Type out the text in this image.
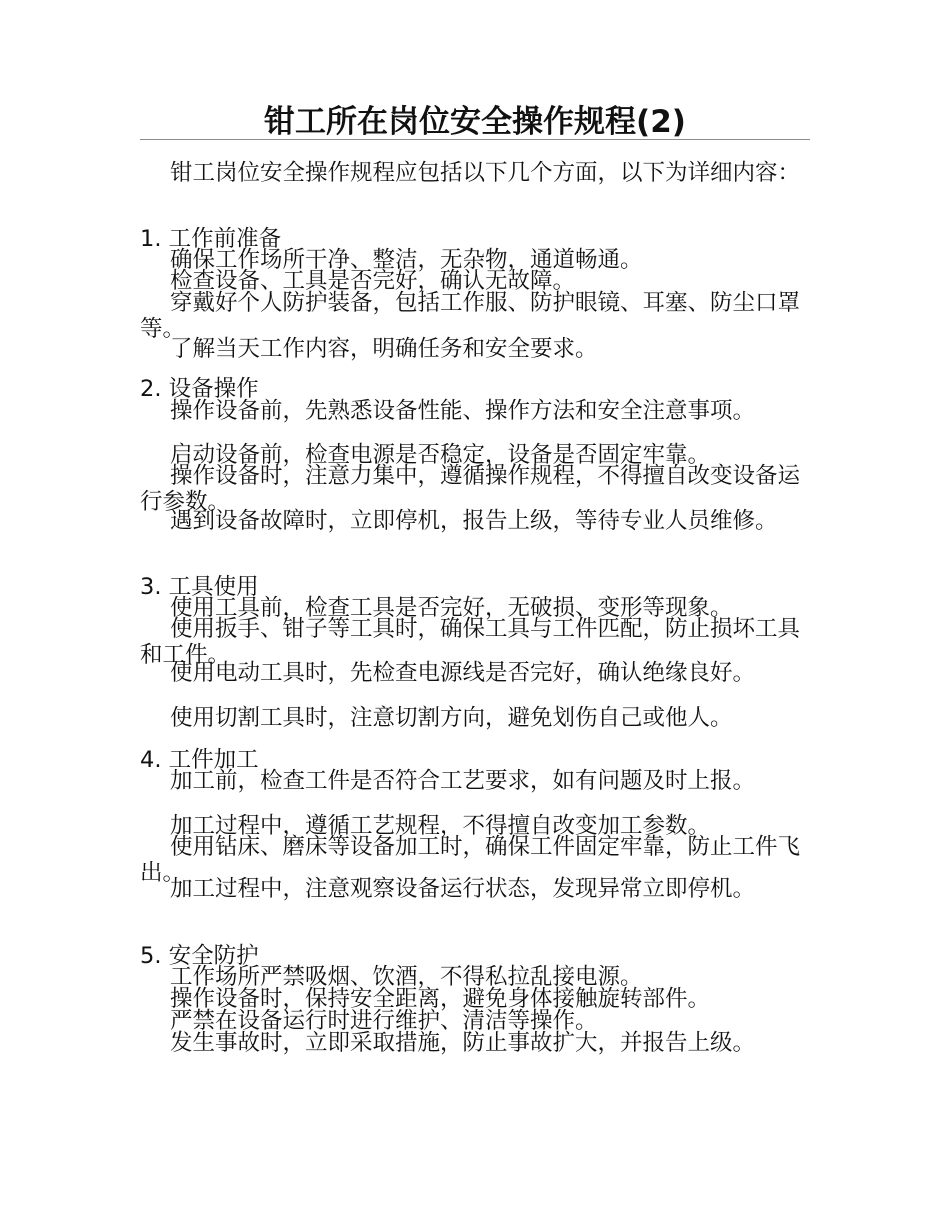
钳工所在岗位安全操作规程(2)

钳工岗位安全操作规程应包括以下几个方面，以下为详细内容：

1. 工作前准备

确保工作场所干净、整洁，无杂物，通道畅通。

检查设备、工具是否完好，确认无故障。

穿戴好个人防护装备，包括工作服、防护眼镜、耳塞、防尘口罩等。

了解当天工作内容，明确任务和安全要求。

2. 设备操作

操作设备前，先熟悉设备性能、操作方法和安全注意事项。

启动设备前，检查电源是否稳定，设备是否固定牢靠。

操作设备时，注意力集中，遵循操作规程，不得擅自改变设备运行参数。

遇到设备故障时，立即停机，报告上级，等待专业人员维修。

3. 工具使用

使用工具前，检查工具是否完好，无破损、变形等现象。

使用扳手、钳子等工具时，确保工具与工件匹配，防止损坏工具和工件。

使用电动工具时，先检查电源线是否完好，确认绝缘良好。

使用切割工具时，注意切割方向，避免划伤自己或他人。

4. 工件加工

加工前，检查工件是否符合工艺要求，如有问题及时上报。

加工过程中，遵循工艺规程，不得擅自改变加工参数。

使用钻床、磨床等设备加工时，确保工件固定牢靠，防止工件飞出。

加工过程中，注意观察设备运行状态，发现异常立即停机。

5. 安全防护

工作场所严禁吸烟、饮酒，不得私拉乱接电源。

操作设备时，保持安全距离，避免身体接触旋转部件。

严禁在设备运行时进行维护、清洁等操作。

发生事故时，立即采取措施，防止事故扩大，并报告上级。
